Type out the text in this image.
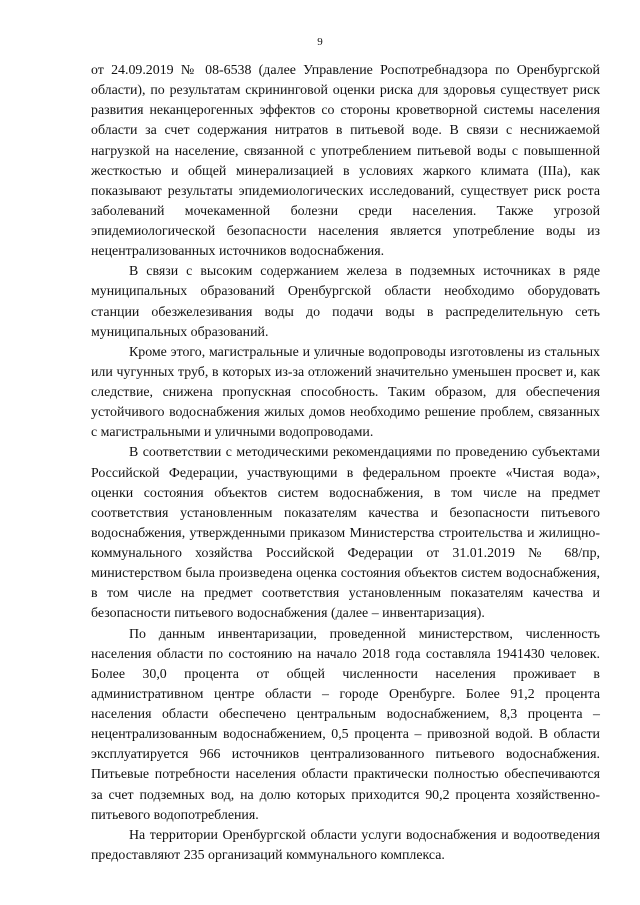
9

от 24.09.2019 № 08-6538 (далее Управление Роспотребнадзора по Оренбургской области), по результатам скрининговой оценки риска для здоровья существует риск развития неканцерогенных эффектов со стороны кроветворной системы населения области за счет содержания нитратов в питьевой воде. В связи с неснижаемой нагрузкой на население, связанной с употреблением питьевой воды с повышенной жесткостью и общей минерализацией в условиях жаркого климата (IIIa), как показывают результаты эпидемиологических исследований, существует риск роста заболеваний мочекаменной болезни среди населения. Также угрозой эпидемиологической безопасности населения является употребление воды из нецентрализованных источников водоснабжения.

В связи с высоким содержанием железа в подземных источниках в ряде муниципальных образований Оренбургской области необходимо оборудовать станции обезжелезивания воды до подачи воды в распределительную сеть муниципальных образований.

Кроме этого, магистральные и уличные водопроводы изготовлены из стальных или чугунных труб, в которых из-за отложений значительно уменьшен просвет и, как следствие, снижена пропускная способность. Таким образом, для обеспечения устойчивого водоснабжения жилых домов необходимо решение проблем, связанных с магистральными и уличными водопроводами.

В соответствии с методическими рекомендациями по проведению субъектами Российской Федерации, участвующими в федеральном проекте «Чистая вода», оценки состояния объектов систем водоснабжения, в том числе на предмет соответствия установленным показателям качества и безопасности питьевого водоснабжения, утвержденными приказом Министерства строительства и жилищно-коммунального хозяйства Российской Федерации от 31.01.2019 № 68/пр, министерством была произведена оценка состояния объектов систем водоснабжения, в том числе на предмет соответствия установленным показателям качества и безопасности питьевого водоснабжения (далее – инвентаризация).

По данным инвентаризации, проведенной министерством, численность населения области по состоянию на начало 2018 года составляла 1941430 человек. Более 30,0 процента от общей численности населения проживает в административном центре области – городе Оренбурге. Более 91,2 процента населения области обеспечено центральным водоснабжением, 8,3 процента – нецентрализованным водоснабжением, 0,5 процента – привозной водой. В области эксплуатируется 966 источников централизованного питьевого водоснабжения. Питьевые потребности населения области практически полностью обеспечиваются за счет подземных вод, на долю которых приходится 90,2 процента хозяйственно-питьевого водопотребления.

На территории Оренбургской области услуги водоснабжения и водоотведения предоставляют 235 организаций коммунального комплекса.
